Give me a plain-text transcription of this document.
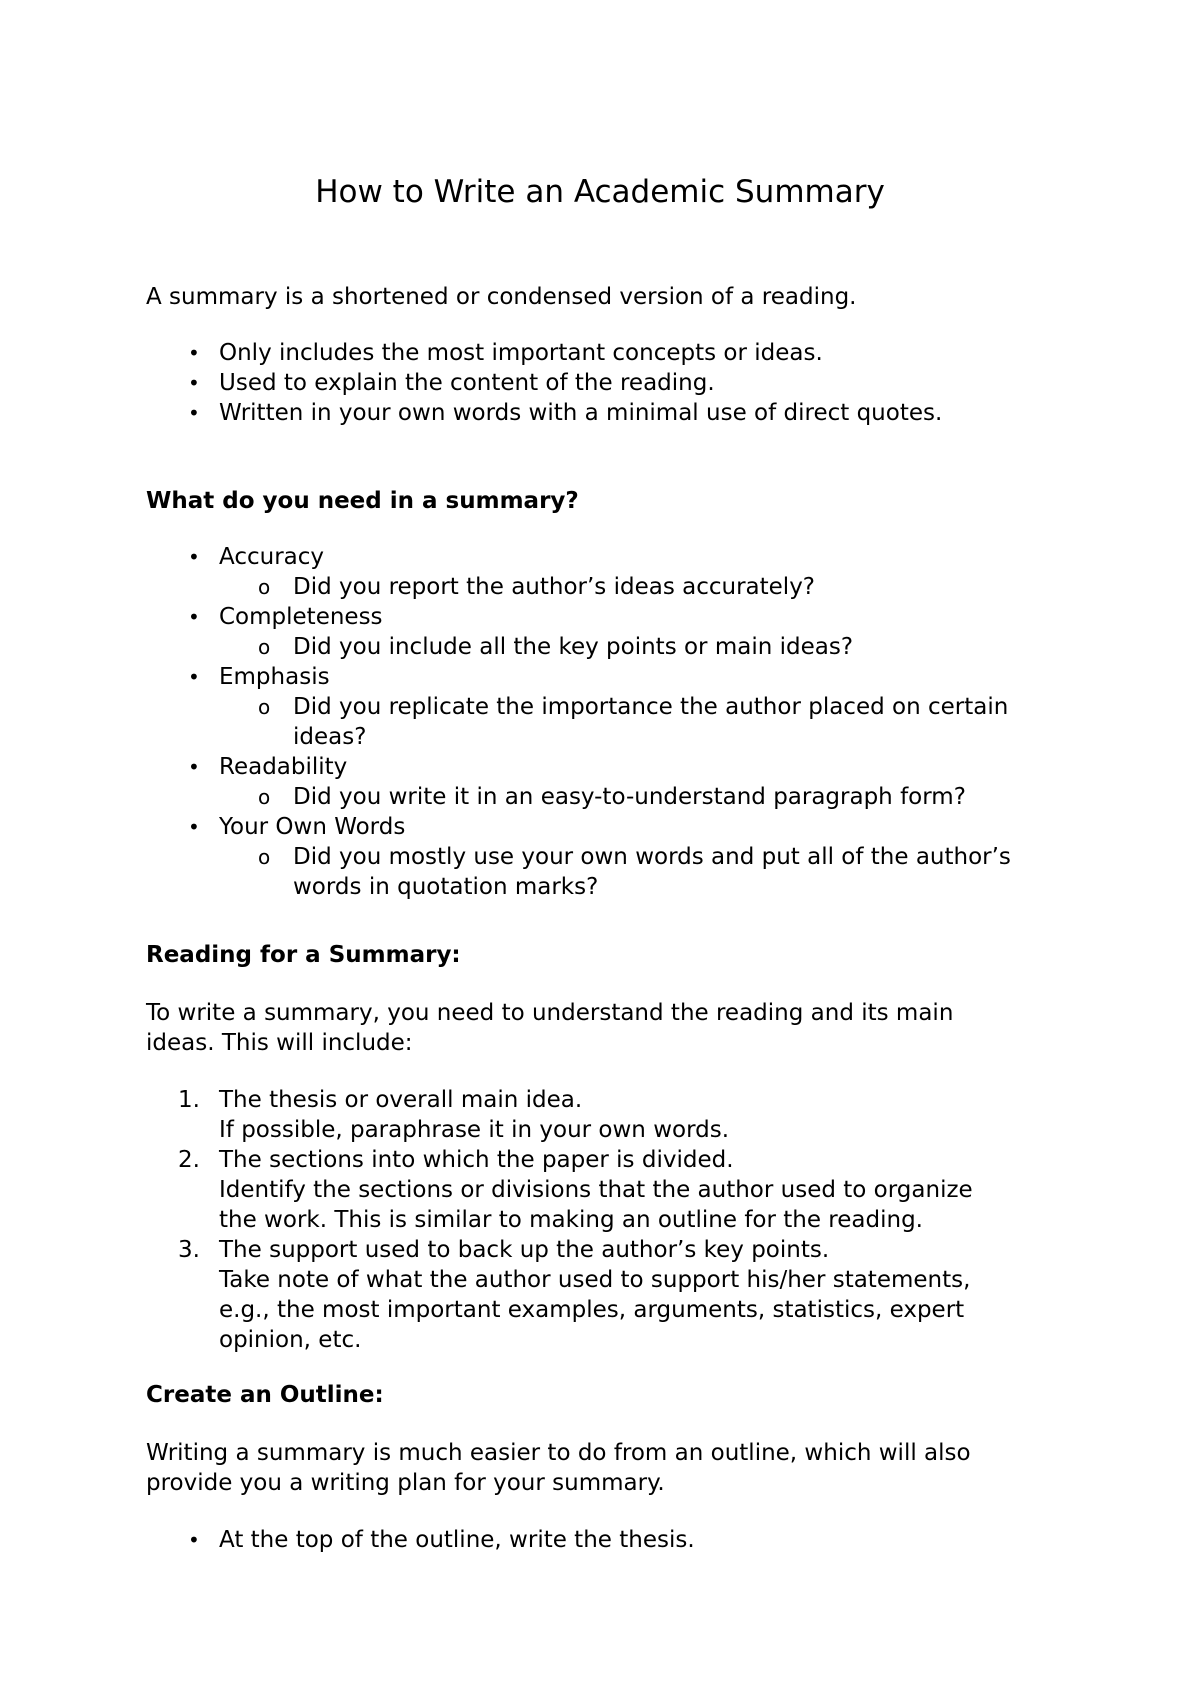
How to Write an Academic Summary

A summary is a shortened or condensed version of a reading.

• Only includes the most important concepts or ideas.

• Used to explain the content of the reading.

• Written in your own words with a minimal use of direct quotes.

What do you need in a summary?

• Accuracy

o Did you report the author’s ideas accurately?

• Completeness

o Did you include all the key points or main ideas?

• Emphasis

o Did you replicate the importance the author placed on certain
ideas?

• Readability

o Did you write it in an easy-to-understand paragraph form?

• Your Own Words

o Did you mostly use your own words and put all of the author’s
words in quotation marks?

Reading for a Summary:

To write a summary, you need to understand the reading and its main
ideas. This will include:

1. The thesis or overall main idea.
If possible, paraphrase it in your own words.

2. The sections into which the paper is divided.
Identify the sections or divisions that the author used to organize
the work. This is similar to making an outline for the reading.

3. The support used to back up the author’s key points.
Take note of what the author used to support his/her statements,
e.g., the most important examples, arguments, statistics, expert
opinion, etc.

Create an Outline:

Writing a summary is much easier to do from an outline, which will also
provide you a writing plan for your summary.

• At the top of the outline, write the thesis.
